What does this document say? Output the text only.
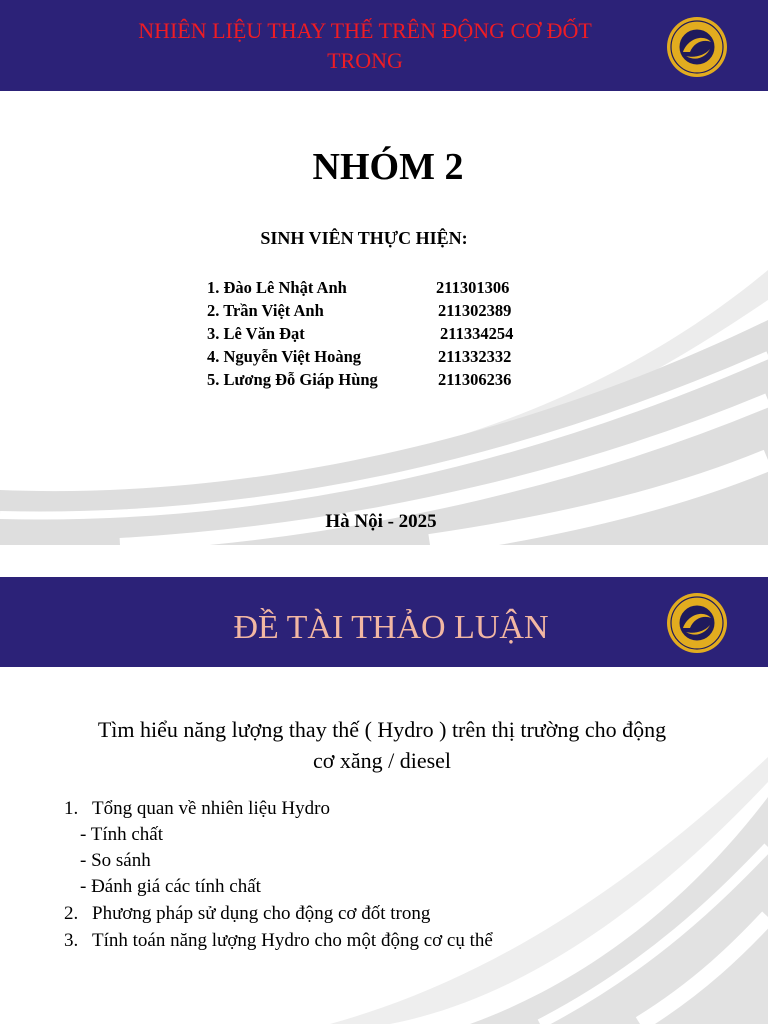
NHIÊN LIỆU THAY THẾ TRÊN ĐỘNG CƠ ĐỐT
TRONG
NHÓM 2
SINH VIÊN THỰC HIỆN:
1. Đào Lê Nhật Anh	211301306
2. Trần Việt Anh	211302389
3. Lê Văn Đạt	211334254
4. Nguyễn Việt Hoàng	211332332
5. Lương Đỗ Giáp Hùng	211306236
Hà Nội - 2025
ĐỀ TÀI THẢO LUẬN
Tìm hiểu năng lượng thay thế ( Hydro ) trên thị trường cho động
cơ xăng / diesel
1. Tổng quan về nhiên liệu Hydro
- Tính chất
- So sánh
- Đánh giá các tính chất
2. Phương pháp sử dụng cho động cơ đốt trong
3. Tính toán năng lượng Hydro cho một động cơ cụ thể
